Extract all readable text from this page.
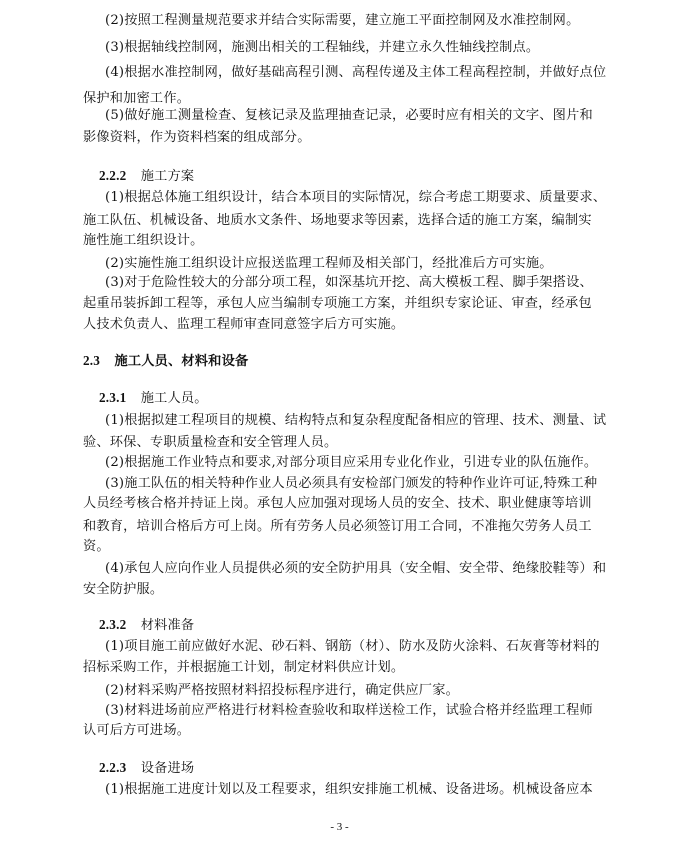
(2)按照工程测量规范要求并结合实际需要，建立施工平面控制网及水准控制网。
(3)根据轴线控制网，施测出相关的工程轴线，并建立永久性轴线控制点。
(4)根据水准控制网，做好基础高程引测、高程传递及主体工程高程控制，并做好点位
保护和加密工作。
(5)做好施工测量检查、复核记录及监理抽查记录，必要时应有相关的文字、图片和
影像资料，作为资料档案的组成部分。
2.2.2 施工方案
(1)根据总体施工组织设计，结合本项目的实际情况，综合考虑工期要求、质量要求、
施工队伍、机械设备、地质水文条件、场地要求等因素，选择合适的施工方案，编制实
施性施工组织设计。
(2)实施性施工组织设计应报送监理工程师及相关部门，经批准后方可实施。
(3)对于危险性较大的分部分项工程，如深基坑开挖、高大模板工程、脚手架搭设、
起重吊装拆卸工程等，承包人应当编制专项施工方案，并组织专家论证、审查，经承包
人技术负责人、监理工程师审查同意签字后方可实施。
2.3 施工人员、材料和设备
2.3.1 施工人员。
(1)根据拟建工程项目的规模、结构特点和复杂程度配备相应的管理、技术、测量、试
验、环保、专职质量检查和安全管理人员。
(2)根据施工作业特点和要求,对部分项目应采用专业化作业，引进专业的队伍施作。
(3)施工队伍的相关特种作业人员必须具有安检部门颁发的特种作业许可证,特殊工种
人员经考核合格并持证上岗。承包人应加强对现场人员的安全、技术、职业健康等培训
和教育，培训合格后方可上岗。所有劳务人员必须签订用工合同，不准拖欠劳务人员工
资。
(4)承包人应向作业人员提供必须的安全防护用具（安全帽、安全带、绝缘胶鞋等）和
安全防护服。
2.3.2 材料准备
(1)项目施工前应做好水泥、砂石料、钢筋（材）、防水及防火涂料、石灰膏等材料的
招标采购工作，并根据施工计划，制定材料供应计划。
(2)材料采购严格按照材料招投标程序进行，确定供应厂家。
(3)材料进场前应严格进行材料检查验收和取样送检工作，试验合格并经监理工程师
认可后方可进场。
2.2.3 设备进场
(1)根据施工进度计划以及工程要求，组织安排施工机械、设备进场。机械设备应本
- 3 -
